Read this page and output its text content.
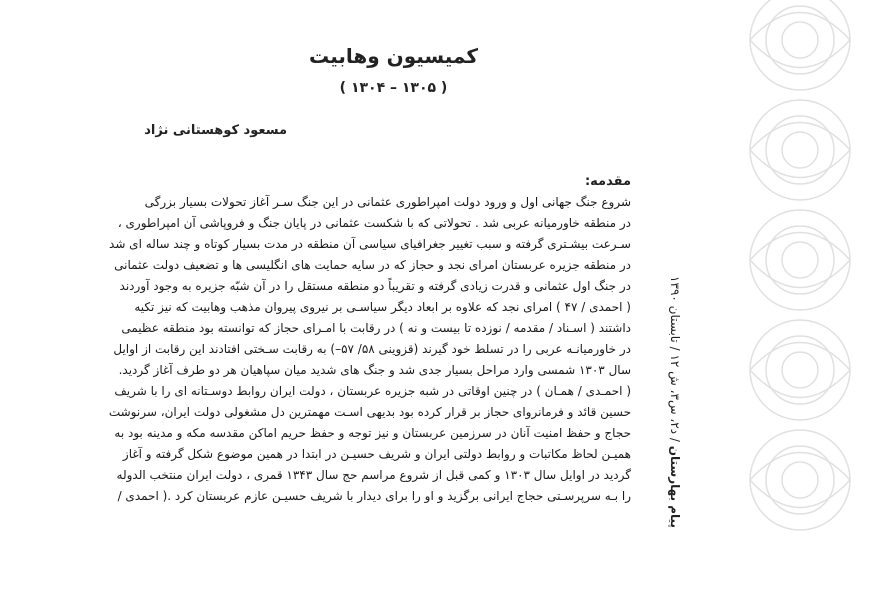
کمیسیون وهابیت
( ۱۳۰۵ – ۱۳۰۴ )
مسعود کوهستانی نژاد
مقدمه:
شروع جنگ جهانی اول و ورود دولت امپراطوری عثمانی در این جنگ سـر آغاز تحولات بسیار بزرگی
در منطقه خاورمیانه عربی شد . تحولاتی که با شکست عثمانی در پایان جنگ و فروپاشی آن امپراطوری ،
سـرعت بیشـتری گرفته و سبب تغییر جغرافیای سیاسی آن منطقه در مدت بسیار کوتاه و چند ساله ای شد
در منطقه جزیره عربستان امرای نجد و حجاز که در سایه حمایت های انگلیسی ها و تضعیف دولت عثمانی
در جنگ اول عثمانی و قدرت زیادی گرفته و تقریباً دو منطقه مستقل را در آن شبّه جزیره به وجود آوردند
( احمدی / ۴۷ ) امرای نجد که علاوه بر ابعاد دیگر سیاسـی بر نیروی پیروان مذهب وهابیت که نیز تکیه
داشتند ( اسـناد / مقدمه / نوزده تا بیست و نه ) در رقابت با امـرای حجاز که توانسته بود منطقه عظیمی
در خاورمیانـه عربی را در تسلط خود گیرند (قزوینی ۵۸/ ۵۷–) به رقابت سـختی افتادند این رقابت از اوایل
سال ۱۳۰۳ شمسی وارد مراحل بسیار جدی شد و جنگ های شدید میان سپاهیان هر دو طرف آغاز گردید.
( احمـدی / همـان ) در چنین اوقاتی در شبه جزیره عربستان ، دولت ایران روابط دوسـتانه ای را با شریف
حسین قائد و فرمانروای حجاز بر قرار کرده بود بدیهی اسـت مهمترین دل مشغولی دولت ایران، سرنوشت
حجاج و حفظ امنیت آنان در سرزمین عربستان و نیز توجه و حفظ حریم اماکن مقدسه مکه و مدینه بود به
همیـن لحاظ مکاتبات و روابط دولتی ایران و شریف حسیـن در ابتدا در همین موضوع شکل گرفته و آغاز
گردید در اوایل سال ۱۳۰۳ و کمی قبل از شروع مراسم حج سال ۱۳۴۳ قمری ، دولت ایران منتخب الدوله
را بـه سرپرسـتی حجاج ایرانی برگزید و او را برای دیدار با شریف حسیـن عازم عربستان کرد .( احمدی /	پیام بهارستان / د۲، س۳، ش ۱۲ / تابستان ۱۳۹۰
